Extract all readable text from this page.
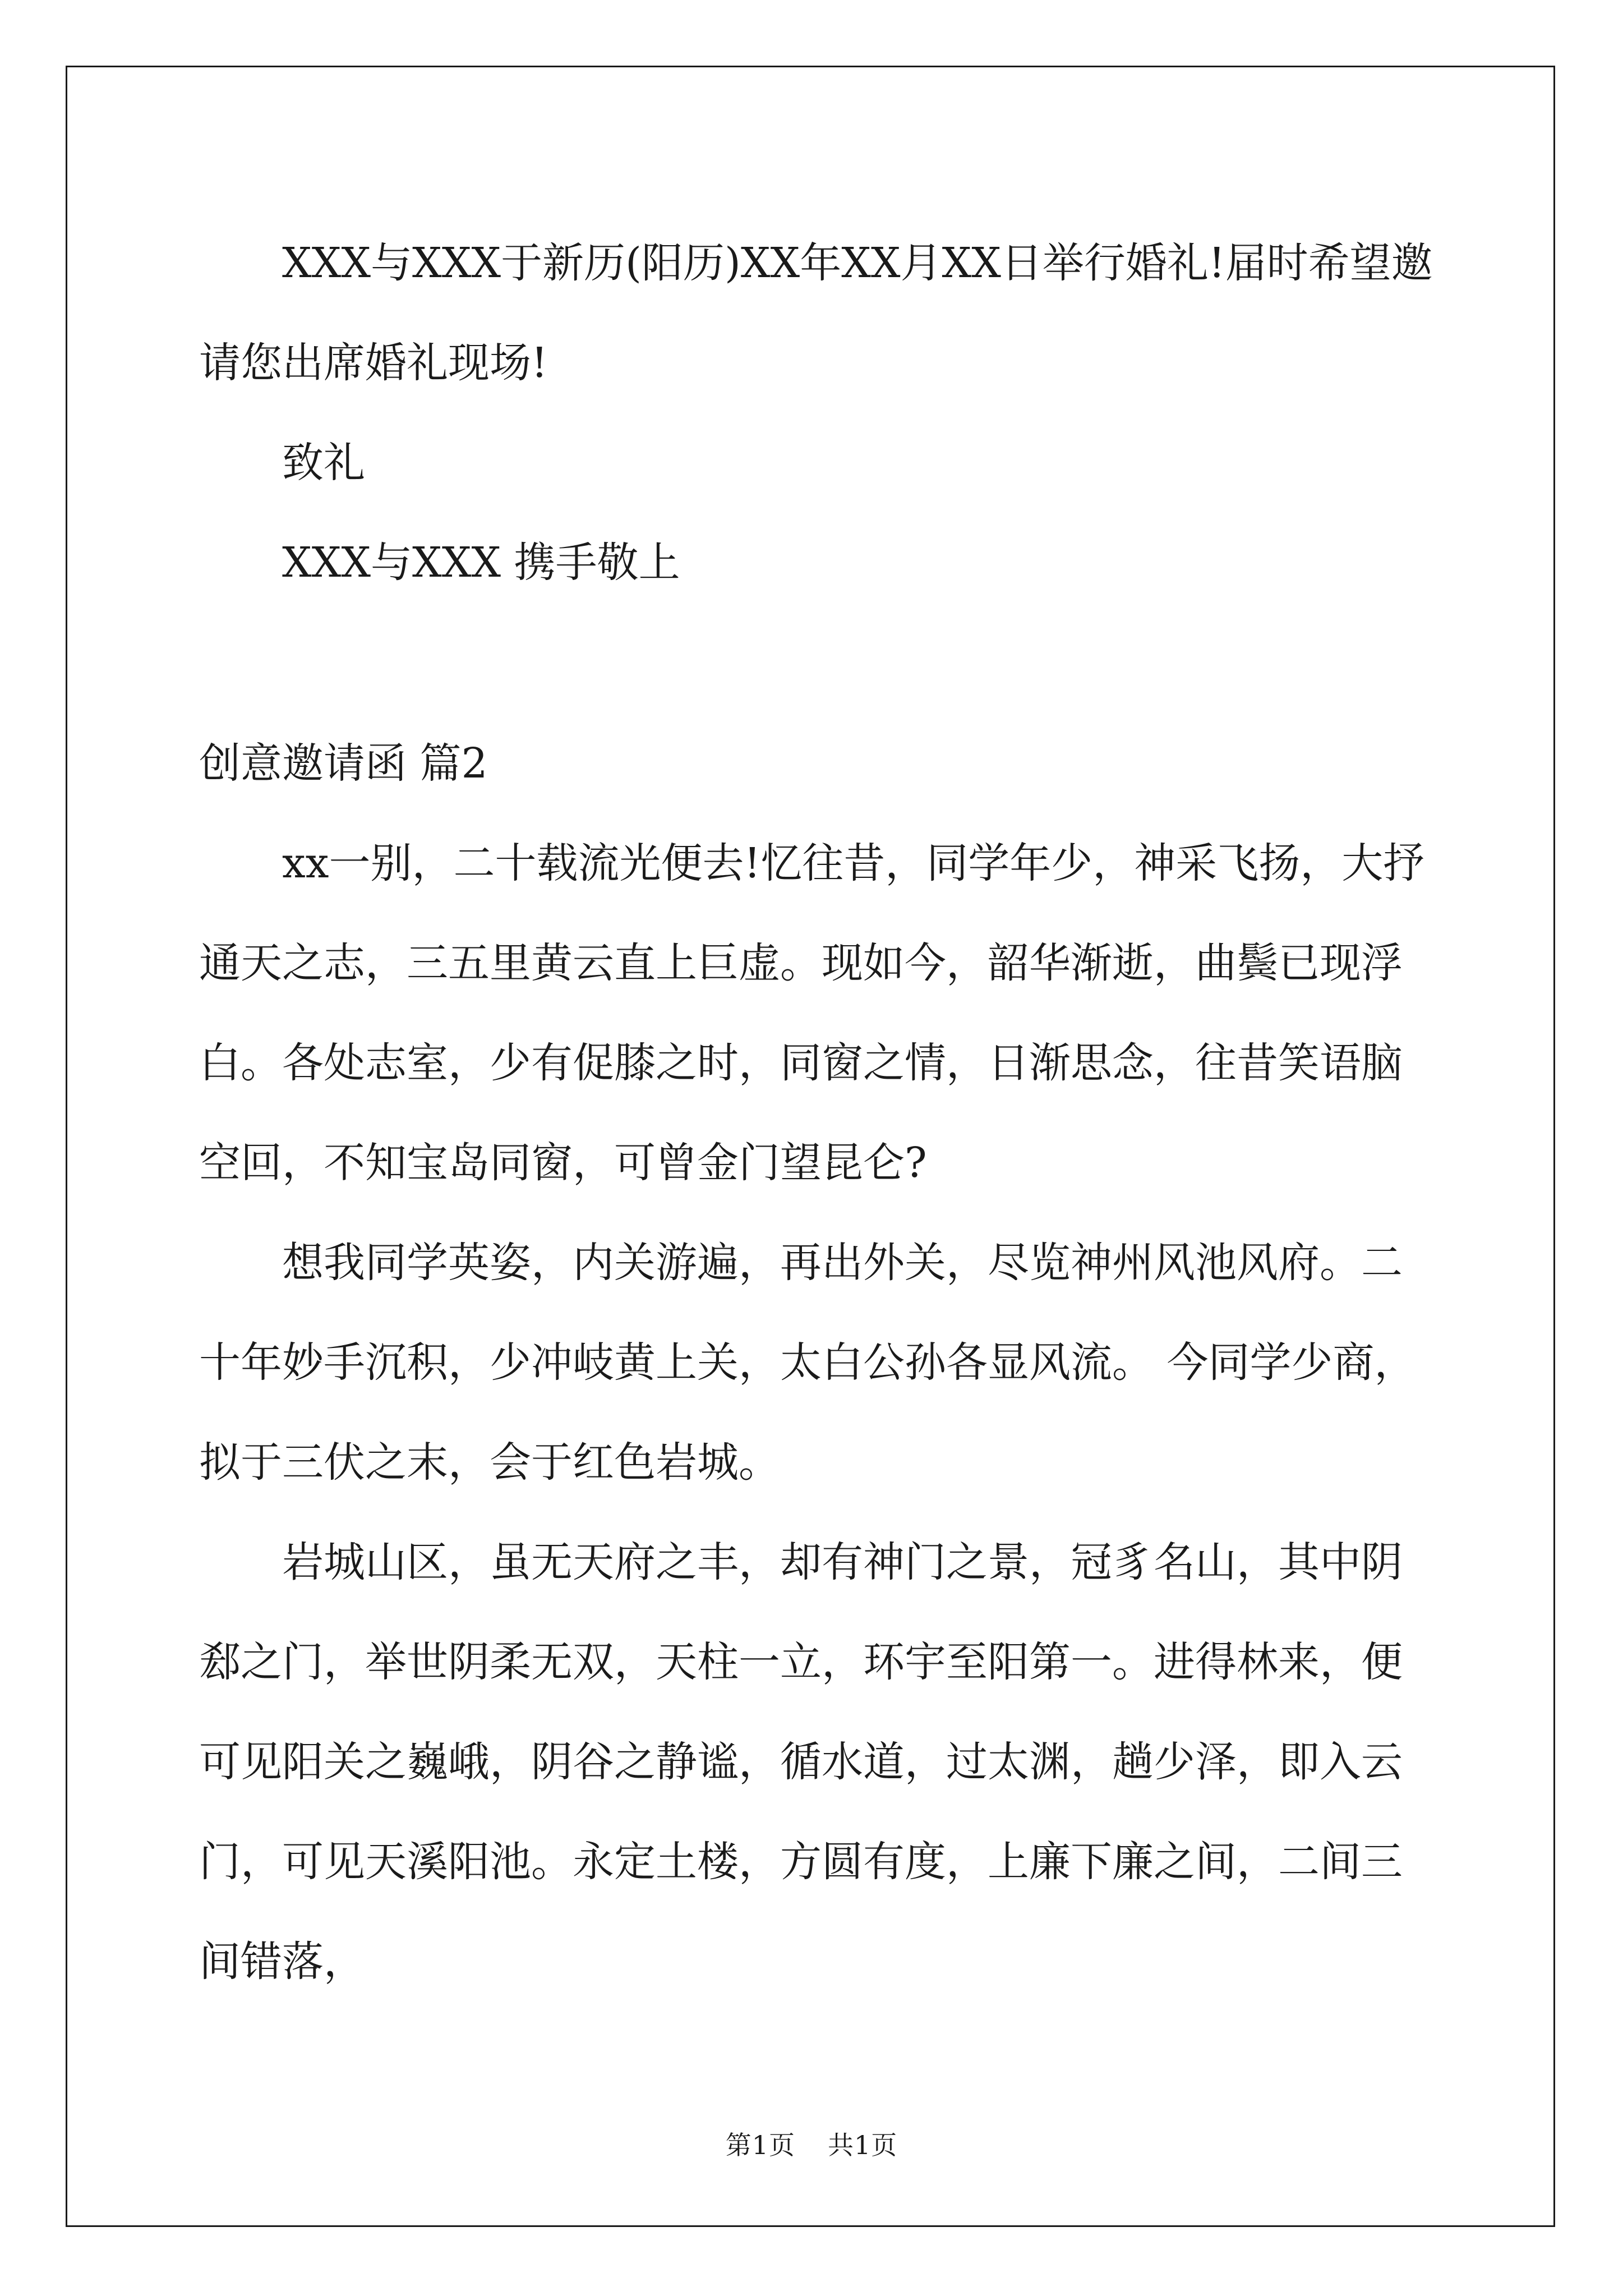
XXX与XXX于新历(阳历)XX年XX月XX日举行婚礼!届时希望邀请您出席婚礼现场!

致礼

XXX与XXX 携手敬上

创意邀请函 篇2

xx一别，二十载流光便去!忆往昔，同学年少，神采飞扬，大抒通天之志，三五里黄云直上巨虚。现如今，韶华渐逝，曲鬓已现浮白。各处志室，少有促膝之时，同窗之情，日渐思念，往昔笑语脑空回，不知宝岛同窗，可曾金门望昆仑?

想我同学英姿，内关游遍，再出外关，尽览神州风池风府。二十年妙手沉积，少冲岐黄上关，太白公孙各显风流。 今同学少商，拟于三伏之末，会于红色岩城。

岩城山区，虽无天府之丰，却有神门之景，冠豸名山，其中阴郄之门，举世阴柔无双，天柱一立，环宇至阳第一。进得林来，便可见阳关之巍峨，阴谷之静谧，循水道，过太渊，趟少泽，即入云门，可见天溪阳池。永定土楼，方圆有度，上廉下廉之间，二间三间错落，

第1页 共1页
